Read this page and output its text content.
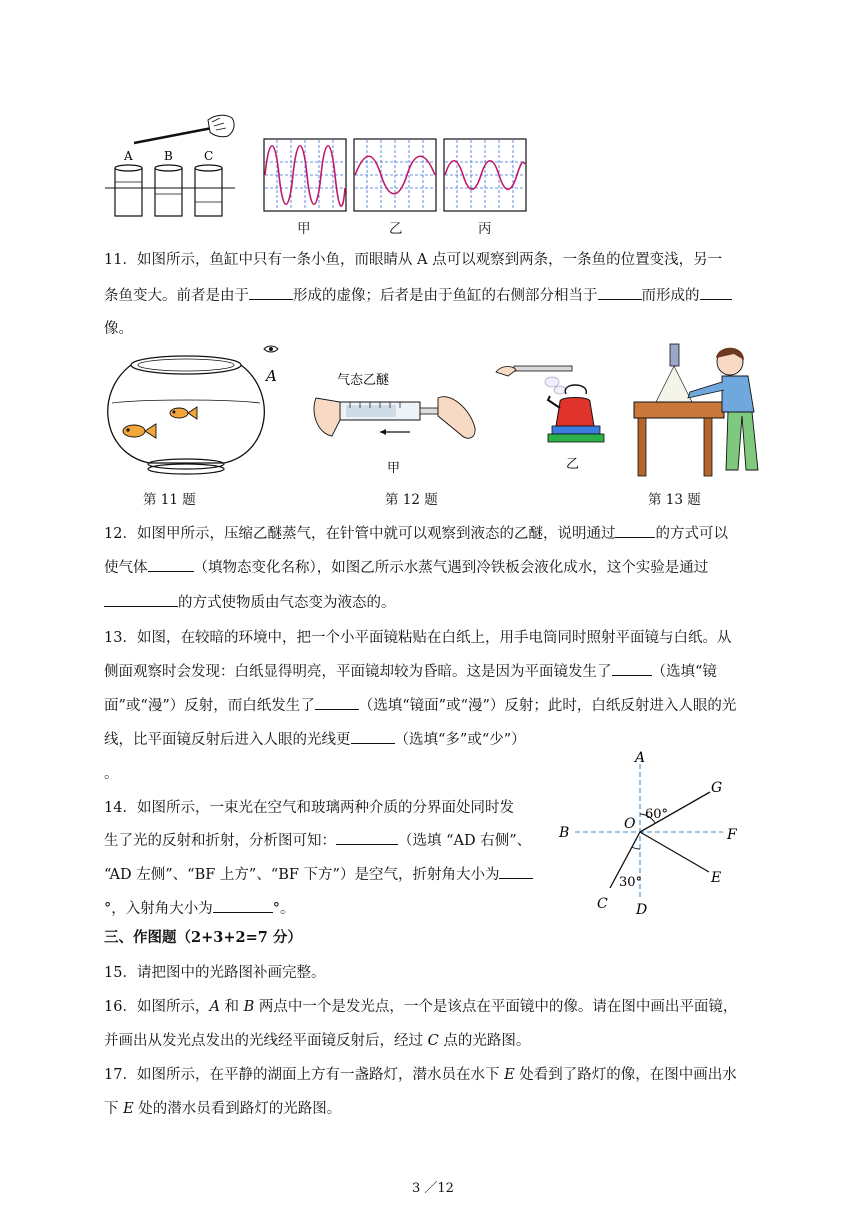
A	B	C
甲	乙	丙
11．如图所示，鱼缸中只有一条小鱼，而眼睛从 A 点可以观察到两条，一条鱼的位置变浅，另一
条鱼变大。前者是由于	形成的虚像；后者是由于鱼缸的右侧部分相当于	而形成的
像。
A	气态乙醚
甲	乙
第 11 题	第 12 题	第 13 题
12．如图甲所示，压缩乙醚蒸气，在针管中就可以观察到液态的乙醚，说明通过	的方式可以
使气体	（填物态变化名称），如图乙所示水蒸气遇到冷铁板会液化成水，这个实验是通过
的方式使物质由气态变为液态的。
13．如图，在较暗的环境中，把一个小平面镜粘贴在白纸上，用手电筒同时照射平面镜与白纸。从
侧面观察时会发现：白纸显得明亮，平面镜却较为昏暗。这是因为平面镜发生了	（选填“镜
面”或“漫”）反射，而白纸发生了	（选填“镜面”或“漫”）反射；此时，白纸反射进入人眼的光
线，比平面镜反射后进入人眼的光线更	（选填“多”或“少”）
。
14．如图所示，一束光在空气和玻璃两种介质的分界面处同时发
生了光的反射和折射，分析图可知：	（选填 “AD 右侧”、
“AD 左侧”、“BF 上方”、“BF 下方”）是空气，折射角大小为
°，入射角大小为	°。
A
G
B
O
F
E
C D
60°
30°
三、作图题（2+3+2=7 分）
15．请把图中的光路图补画完整。
16．如图所示，A 和 B 两点中一个是发光点，一个是该点在平面镜中的像。请在图中画出平面镜，
并画出从发光点发出的光线经平面镜反射后，经过 C 点的光路图。
17．如图所示，在平静的湖面上方有一盏路灯，潜水员在水下 E 处看到了路灯的像，在图中画出水
下 E 处的潜水员看到路灯的光路图。
3 ／12
